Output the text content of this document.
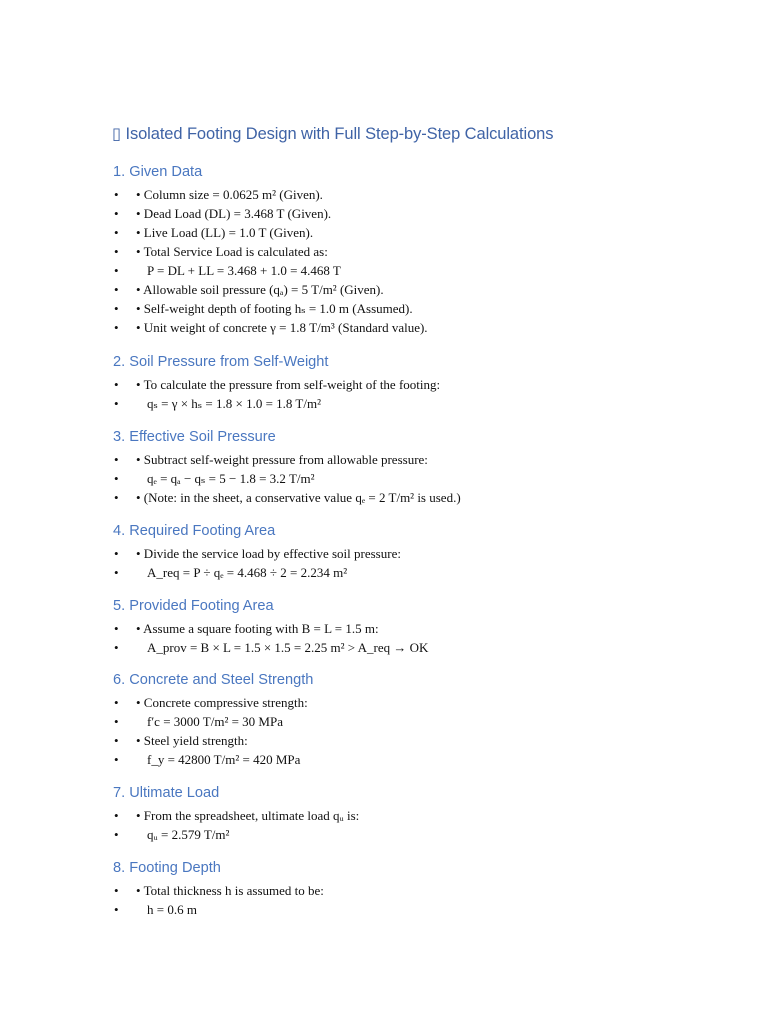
▯ Isolated Footing Design with Full Step-by-Step Calculations
1. Given Data
• • Column size = 0.0625 m² (Given).
• • Dead Load (DL) = 3.468 T (Given).
• • Live Load (LL) = 1.0 T (Given).
• • Total Service Load is calculated as:
• P = DL + LL = 3.468 + 1.0 = 4.468 T
• • Allowable soil pressure (qₐ) = 5 T/m² (Given).
• • Self-weight depth of footing hₛ = 1.0 m (Assumed).
• • Unit weight of concrete γ = 1.8 T/m³ (Standard value).
2. Soil Pressure from Self-Weight
• • To calculate the pressure from self-weight of the footing:
• qₛ = γ × hₛ = 1.8 × 1.0 = 1.8 T/m²
3. Effective Soil Pressure
• • Subtract self-weight pressure from allowable pressure:
• qₑ = qₐ − qₛ = 5 − 1.8 = 3.2 T/m²
• • (Note: in the sheet, a conservative value qₑ = 2 T/m² is used.)
4. Required Footing Area
• • Divide the service load by effective soil pressure:
• A_req = P ÷ qₑ = 4.468 ÷ 2 = 2.234 m²
5. Provided Footing Area
• • Assume a square footing with B = L = 1.5 m:
• A_prov = B × L = 1.5 × 1.5 = 2.25 m² > A_req → OK
6. Concrete and Steel Strength
• • Concrete compressive strength:
• f′c = 3000 T/m² = 30 MPa
• • Steel yield strength:
• f_y = 42800 T/m² = 420 MPa
7. Ultimate Load
• • From the spreadsheet, ultimate load qᵤ is:
• qᵤ = 2.579 T/m²
8. Footing Depth
• • Total thickness h is assumed to be:
• h = 0.6 m
